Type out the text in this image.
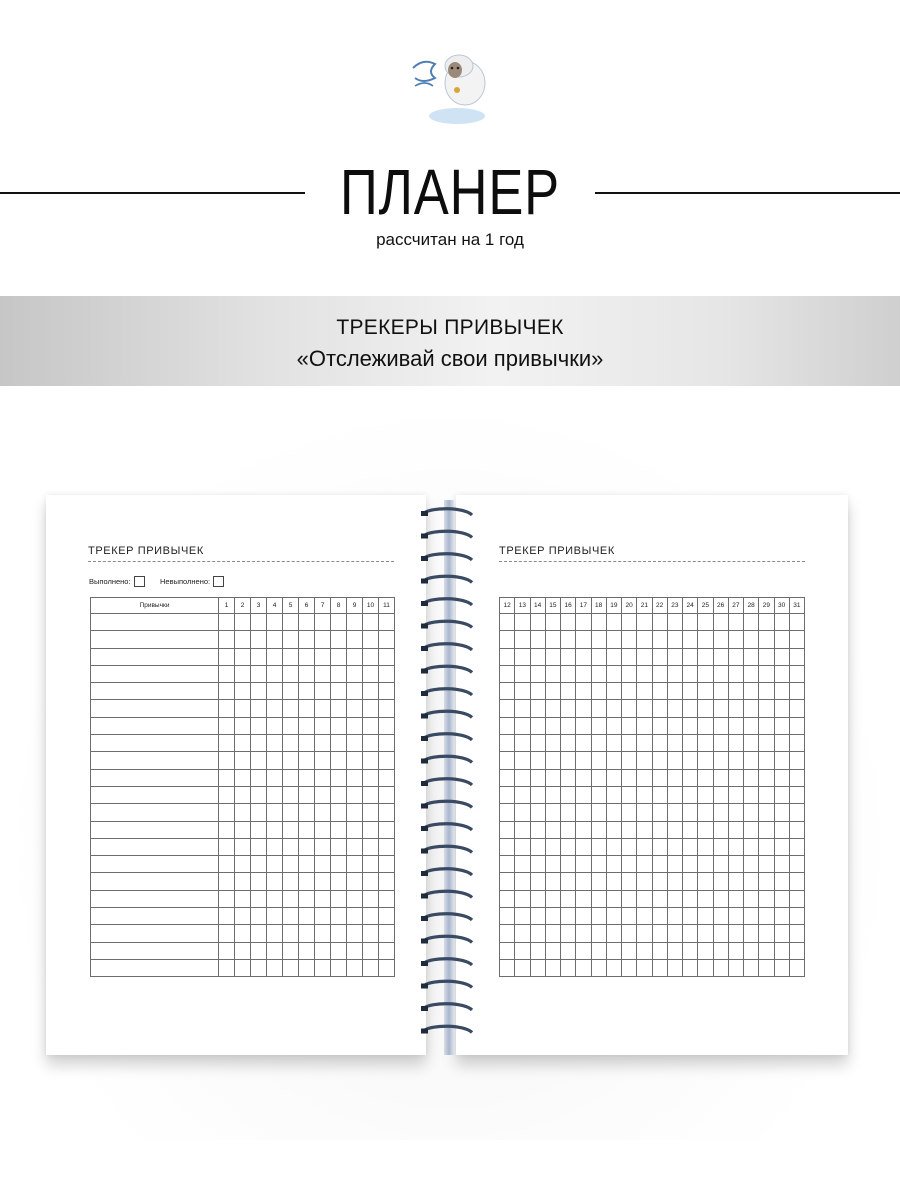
ПЛАНЕР
рассчитан на 1 год
ТРЕКЕРЫ ПРИВЫЧЕК
«Отслеживай свои привычки»
ТРЕКЕР ПРИВЫЧЕК
Выполнено:	Невыполнено:
Привычки	1	2	3	4	5	6	7	8	9	10	11

ТРЕКЕР ПРИВЫЧЕК
12	13	14	15	16	17	18	19	20	21	22	23	24	25	26	27	28	29	30	31
